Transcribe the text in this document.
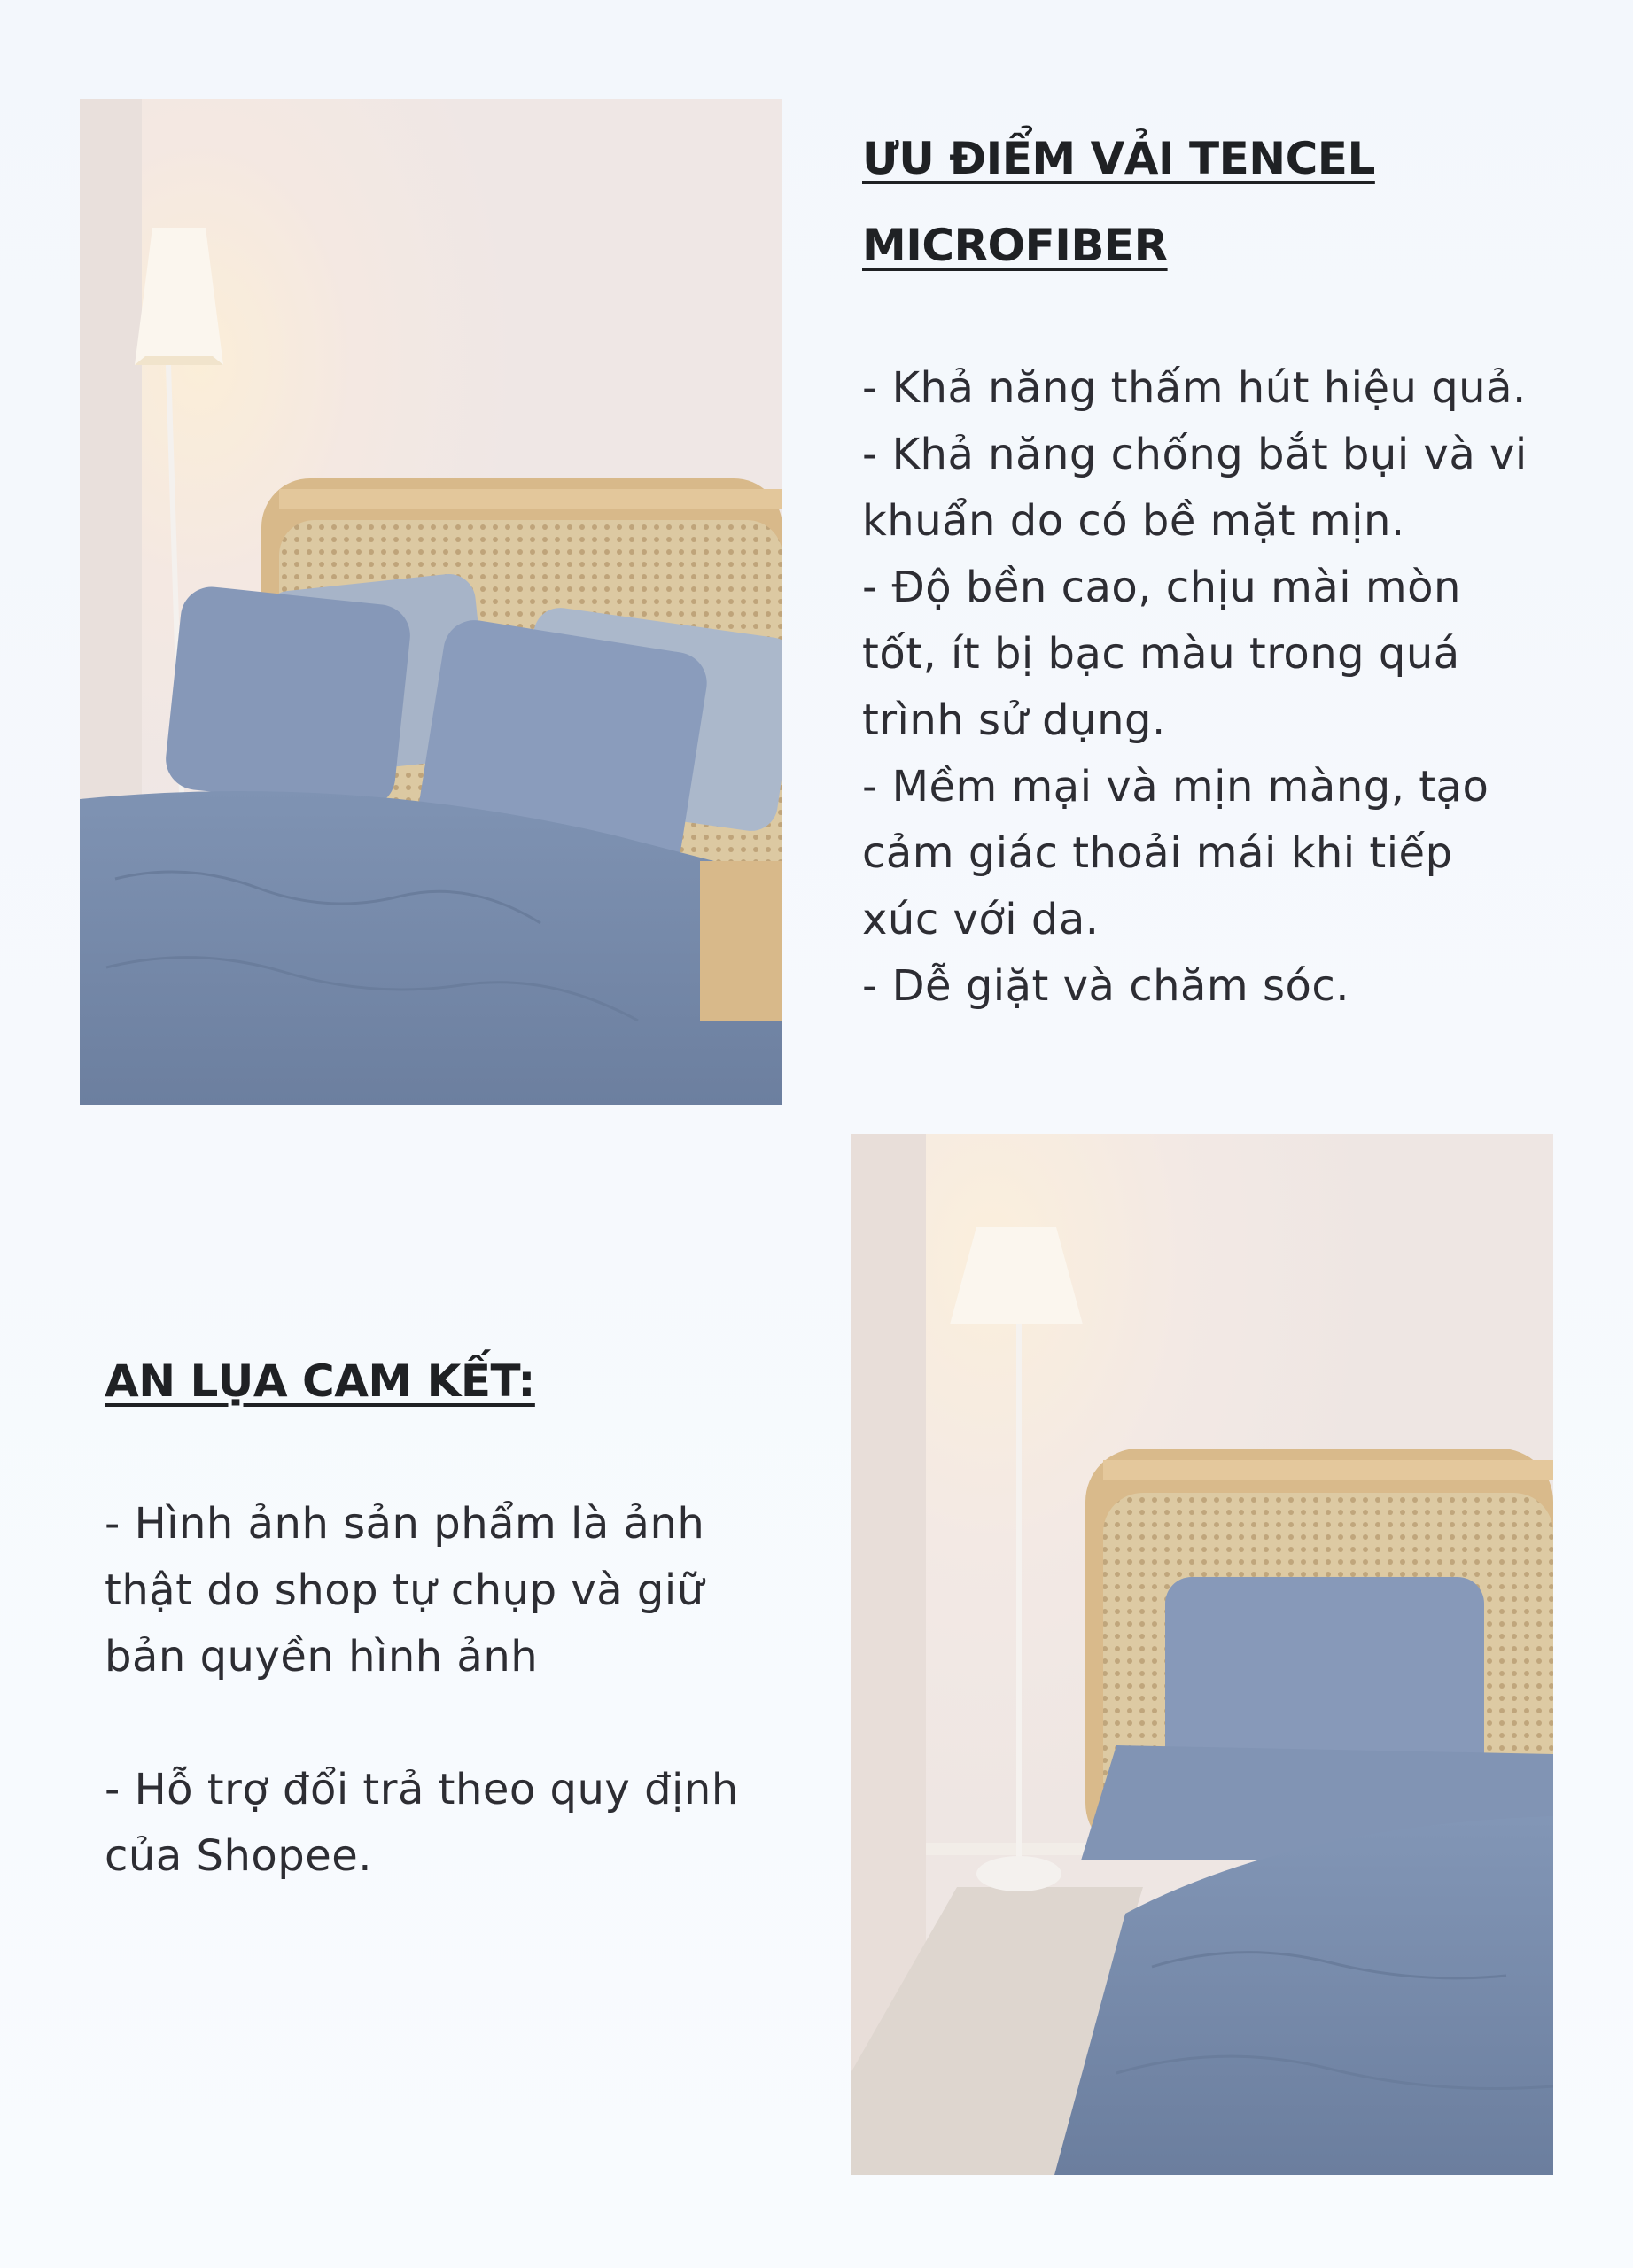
ƯU ĐIỂM VẢI TENCEL

MICROFIBER

- Khả năng thấm hút hiệu quả.

- Khả năng chống bắt bụi và vi

khuẩn do có bề mặt mịn.

- Độ bền cao, chịu mài mòn

tốt, ít bị bạc màu trong quá

trình sử dụng.

- Mềm mại và mịn màng, tạo

cảm giác thoải mái khi tiếp

xúc với da.

- Dễ giặt và chăm sóc.

AN LỤA CAM KẾT:

- Hình ảnh sản phẩm là ảnh

thật do shop tự chụp và giữ

bản quyền hình ảnh

- Hỗ trợ đổi trả theo quy định

của Shopee.
